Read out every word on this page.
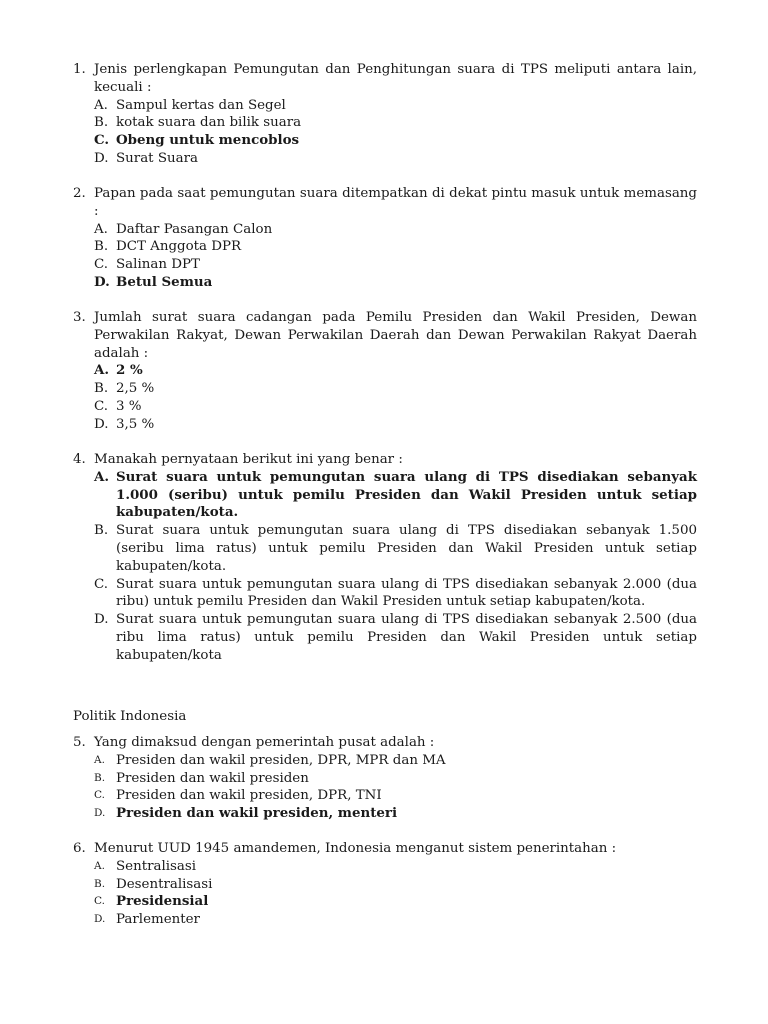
1. Jenis perlengkapan Pemungutan dan Penghitungan suara di TPS meliputi antara lain, kecuali :
A. Sampul kertas dan Segel
B. kotak suara dan bilik suara
C. Obeng untuk mencoblos
D. Surat Suara
2. Papan pada saat pemungutan suara ditempatkan di dekat pintu masuk untuk memasang :
A. Daftar Pasangan Calon
B. DCT Anggota DPR
C. Salinan DPT
D. Betul Semua
3. Jumlah surat suara cadangan pada Pemilu Presiden dan Wakil Presiden, Dewan Perwakilan Rakyat, Dewan Perwakilan Daerah dan Dewan Perwakilan Rakyat Daerah adalah :
A. 2 %
B. 2,5 %
C. 3 %
D. 3,5 %
4. Manakah pernyataan berikut ini yang benar :
A. Surat suara untuk pemungutan suara ulang di TPS disediakan sebanyak 1.000 (seribu) untuk pemilu Presiden dan Wakil Presiden untuk setiap kabupaten/kota.
B. Surat suara untuk pemungutan suara ulang di TPS disediakan sebanyak 1.500 (seribu lima ratus) untuk pemilu Presiden dan Wakil Presiden untuk setiap kabupaten/kota.
C. Surat suara untuk pemungutan suara ulang di TPS disediakan sebanyak 2.000 (dua ribu) untuk pemilu Presiden dan Wakil Presiden untuk setiap kabupaten/kota.
D. Surat suara untuk pemungutan suara ulang di TPS disediakan sebanyak 2.500 (dua ribu lima ratus) untuk pemilu Presiden dan Wakil Presiden untuk setiap kabupaten/kota
Politik Indonesia
5. Yang dimaksud dengan pemerintah pusat adalah :
A. Presiden dan wakil presiden, DPR, MPR dan MA
B. Presiden dan wakil presiden
C. Presiden dan wakil presiden, DPR, TNI
D. Presiden dan wakil presiden, menteri
6. Menurut UUD 1945 amandemen, Indonesia menganut sistem penerintahan :
A. Sentralisasi
B. Desentralisasi
C. Presidensial
D. Parlementer
